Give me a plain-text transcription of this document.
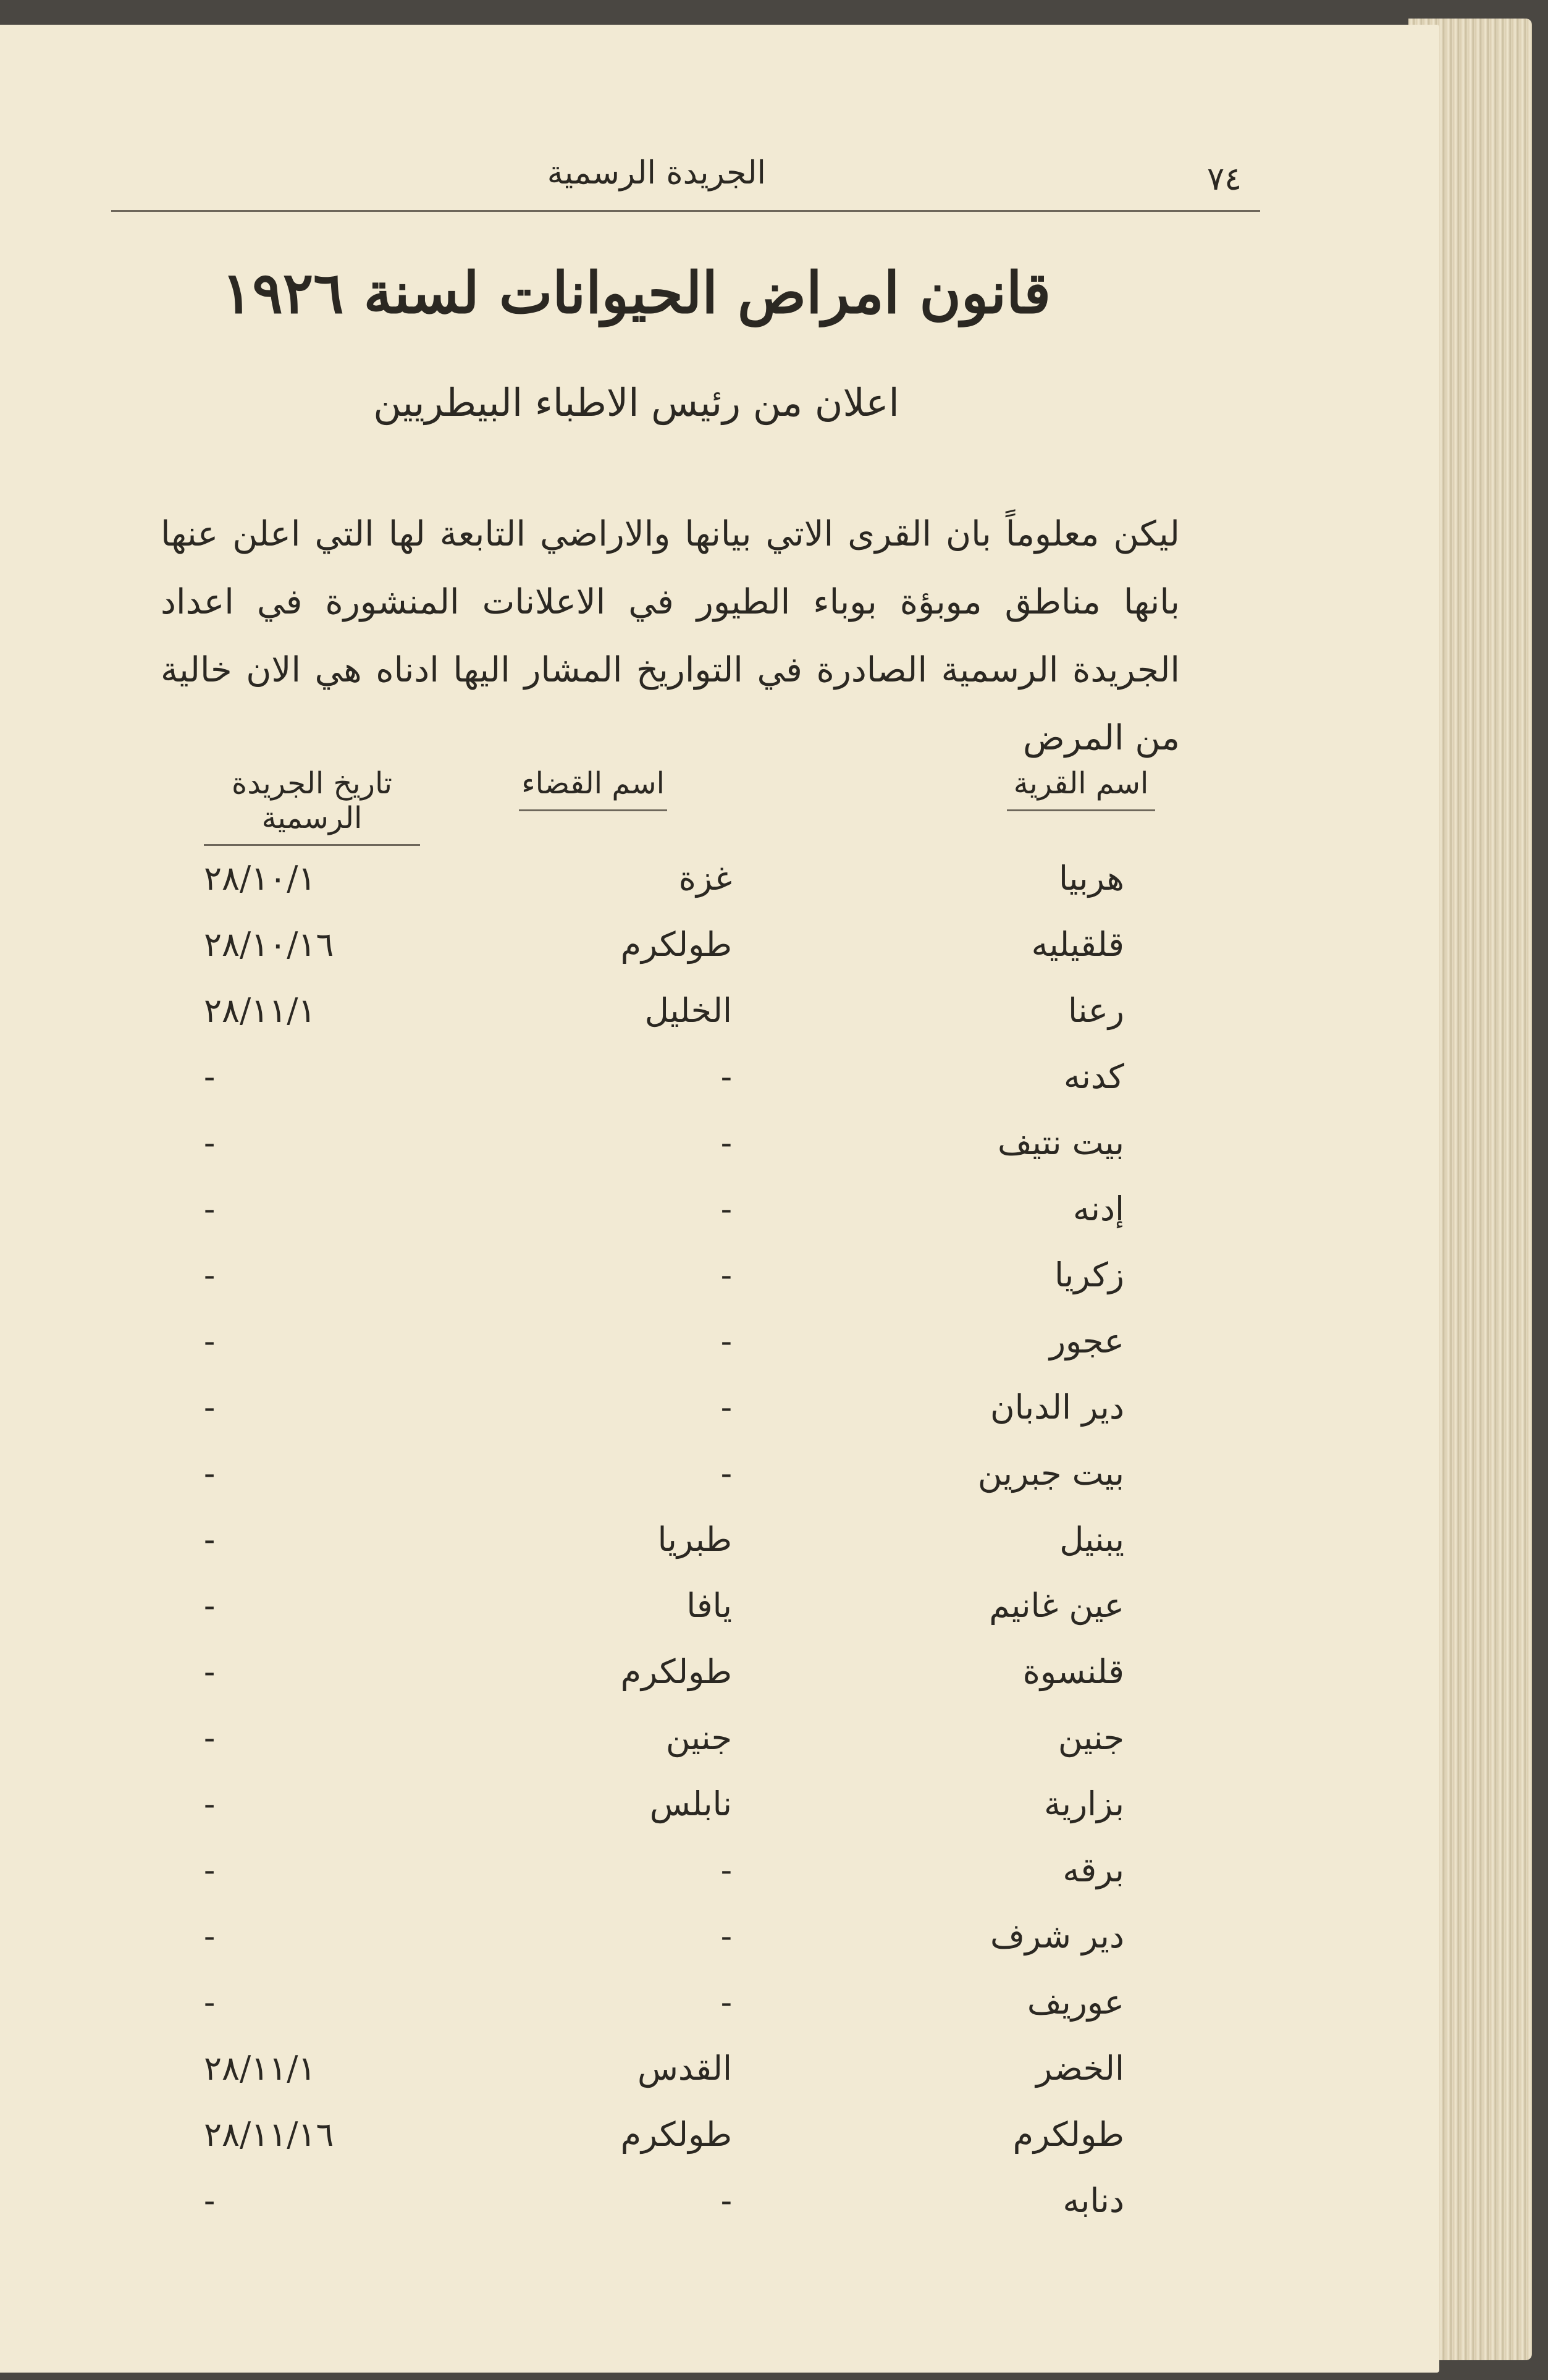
الجريدة الرسمية	٧٤
قانون امراض الحيوانات لسنة ١٩٢٦
اعلان من رئيس الاطباء البيطريين
ليكن معلوماً بان القرى الاتي بيانها والاراضي التابعة لها التي اعلن عنها بانها مناطق موبؤة بوباء الطيور في الاعلانات المنشورة في اعداد الجريدة الرسمية الصادرة في التواريخ المشار اليها ادناه هي الان خالية من المرض
اسم القرية
اسم القضاء
تاريخ الجريدة الرسمية
هربيا
غزة
٢٨/١٠/١
قلقيليه
طولكرم
٢٨/١٠/١٦
رعنا
الخليل
٢٨/١١/١
كدنه
-
-
بيت نتيف
-
-
إدنه
-
-
زكريا
-
-
عجور
-
-
دير الدبان
-
-
بيت جبرين
-
-
يبنيل
طبريا
-
عين غانيم
يافا
-
قلنسوة
طولكرم
-
جنين
جنين
-
بزارية
نابلس
-
برقه
-
-
دير شرف
-
-
عوريف
-
-
الخضر
القدس
٢٨/١١/١
طولكرم
طولكرم
٢٨/١١/١٦
دنابه
-
-
